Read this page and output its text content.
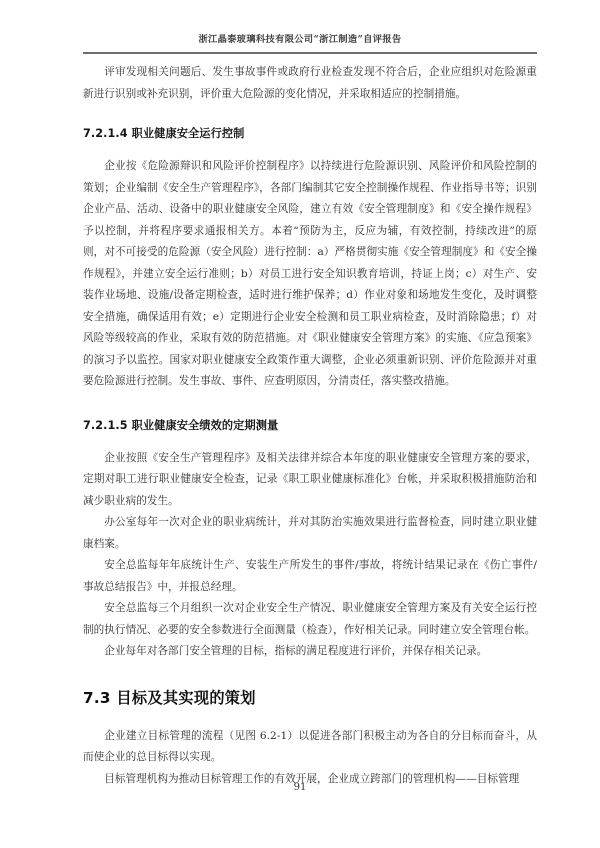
浙江晶泰玻璃科技有限公司“浙江制造”自评报告

评审发现相关问题后、发生事故事件或政府行业检查发现不符合后，企业应组织对危险源重新进行识别或补充识别，评价重大危险源的变化情况，并采取相适应的控制措施。

7.2.1.4 职业健康安全运行控制

企业按《危险源辩识和风险评价控制程序》以持续进行危险源识别、风险评价和风险控制的策划；企业编制《安全生产管理程序》，各部门编制其它安全控制操作规程、作业指导书等；识别企业产品、活动、设备中的职业健康安全风险，建立有效《安全管理制度》和《安全操作规程》予以控制，并将程序要求通报相关方。本着“预防为主，反应为辅，有效控制，持续改进”的原则，对不可接受的危险源（安全风险）进行控制：a）严格贯彻实施《安全管理制度》和《安全操作规程》，并建立安全运行准则；b）对员工进行安全知识教育培训，持证上岗；c）对生产、安装作业场地、设施/设备定期检查，适时进行维护保养；d）作业对象和场地发生变化，及时调整安全措施，确保适用有效；e）定期进行企业安全检测和员工职业病检查，及时消除隐患；f）对风险等级较高的作业，采取有效的防范措施。对《职业健康安全管理方案》的实施、《应急预案》的演习予以监控。国家对职业健康安全政策作重大调整，企业必须重新识别、评价危险源并对重要危险源进行控制。发生事故、事件、应查明原因，分清责任，落实整改措施。

7.2.1.5 职业健康安全绩效的定期测量

企业按照《安全生产管理程序》及相关法律并综合本年度的职业健康安全管理方案的要求，定期对职工进行职业健康安全检查，记录《职工职业健康标准化》台帐，并采取积极措施防治和减少职业病的发生。

办公室每年一次对企业的职业病统计，并对其防治实施效果进行监督检查，同时建立职业健康档案。

安全总监每年年底统计生产、安装生产所发生的事件/事故，将统计结果记录在《伤亡事件/事故总结报告》中，并报总经理。

安全总监每三个月组织一次对企业安全生产情况、职业健康安全管理方案及有关安全运行控制的执行情况、必要的安全参数进行全面测量（检查），作好相关记录。同时建立安全管理台帐。

企业每年对各部门安全管理的目标，指标的满足程度进行评价，并保存相关记录。

7.3 目标及其实现的策划

企业建立目标管理的流程（见图 6.2-1）以促进各部门积极主动为各自的分目标而奋斗，从而使企业的总目标得以实现。

目标管理机构为推动目标管理工作的有效开展，企业成立跨部门的管理机构——目标管理

91
